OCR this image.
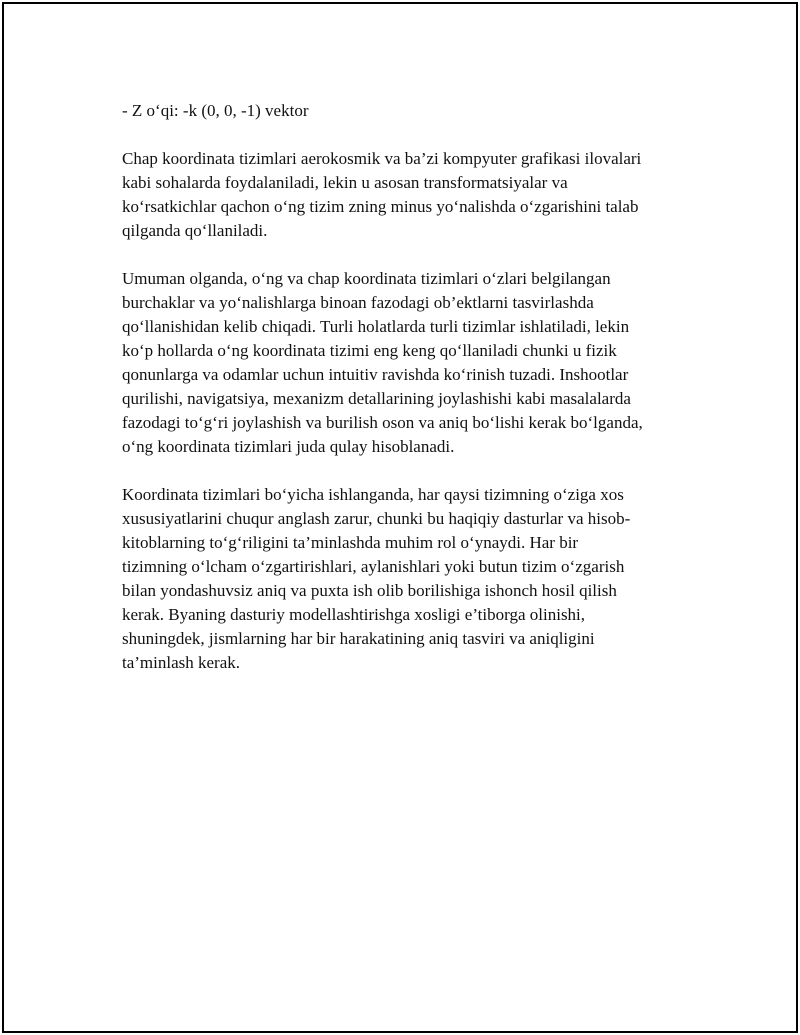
- Z o‘qi: -k (0, 0, -1) vektor
Chap koordinata tizimlari aerokosmik va ba’zi kompyuter grafikasi ilovalari
kabi sohalarda foydalaniladi, lekin u asosan transformatsiyalar va
ko‘rsatkichlar qachon o‘ng tizim zning minus yo‘nalishda o‘zgarishini talab
qilganda qo‘llaniladi.
Umuman olganda, o‘ng va chap koordinata tizimlari o‘zlari belgilangan
burchaklar va yo‘nalishlarga binoan fazodagi ob’ektlarni tasvirlashda
qo‘llanishidan kelib chiqadi. Turli holatlarda turli tizimlar ishlatiladi, lekin
ko‘p hollarda o‘ng koordinata tizimi eng keng qo‘llaniladi chunki u fizik
qonunlarga va odamlar uchun intuitiv ravishda ko‘rinish tuzadi. Inshootlar
qurilishi, navigatsiya, mexanizm detallarining joylashishi kabi masalalarda
fazodagi to‘g‘ri joylashish va burilish oson va aniq bo‘lishi kerak bo‘lganda,
o‘ng koordinata tizimlari juda qulay hisoblanadi.
Koordinata tizimlari bo‘yicha ishlanganda, har qaysi tizimning o‘ziga xos
xususiyatlarini chuqur anglash zarur, chunki bu haqiqiy dasturlar va hisob-
kitoblarning to‘g‘riligini ta’minlashda muhim rol o‘ynaydi. Har bir
tizimning o‘lcham o‘zgartirishlari, aylanishlari yoki butun tizim o‘zgarish
bilan yondashuvsiz aniq va puxta ish olib borilishiga ishonch hosil qilish
kerak. Byaning dasturiy modellashtirishga xosligi e’tiborga olinishi,
shuningdek, jismlarning har bir harakatining aniq tasviri va aniqligini
ta’minlash kerak.
